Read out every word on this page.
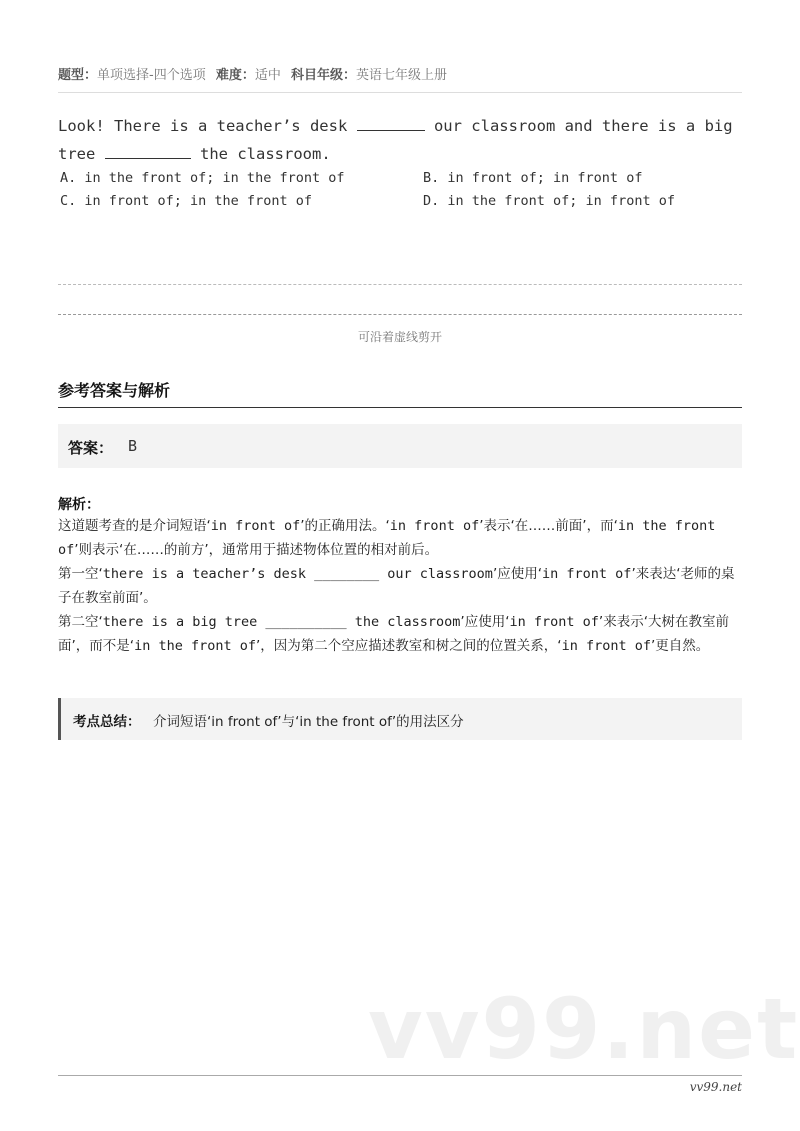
题型：单项选择-四个选项 难度：适中 科目年级：英语七年级上册
Look! There is a teacher’s desk	our classroom and there is a big tree	the classroom.
A. in the front of; in the front of	B. in front of; in front of
C. in front of; in the front of	D. in the front of; in front of
可沿着虚线剪开
参考答案与解析
答案： B
解析：

这道题考查的是介词短语‘in front of’的正确用法。‘in front of’表示‘在……前面’，而‘in the front of’则表示‘在……的前方’，通常用于描述物体位置的相对前后。

第一空‘there is a teacher’s desk ________ our classroom’应使用‘in front of’来表达‘老师的桌子在教室前面’。

第二空‘there is a big tree __________ the classroom’应使用‘in front of’来表示‘大树在教室前面’，而不是‘in the front of’，因为第二个空应描述教室和树之间的位置关系，‘in front of’更自然。

考点总结： 介词短语‘in front of’与‘in the front of’的用法区分
vv99.net
vv99.net
